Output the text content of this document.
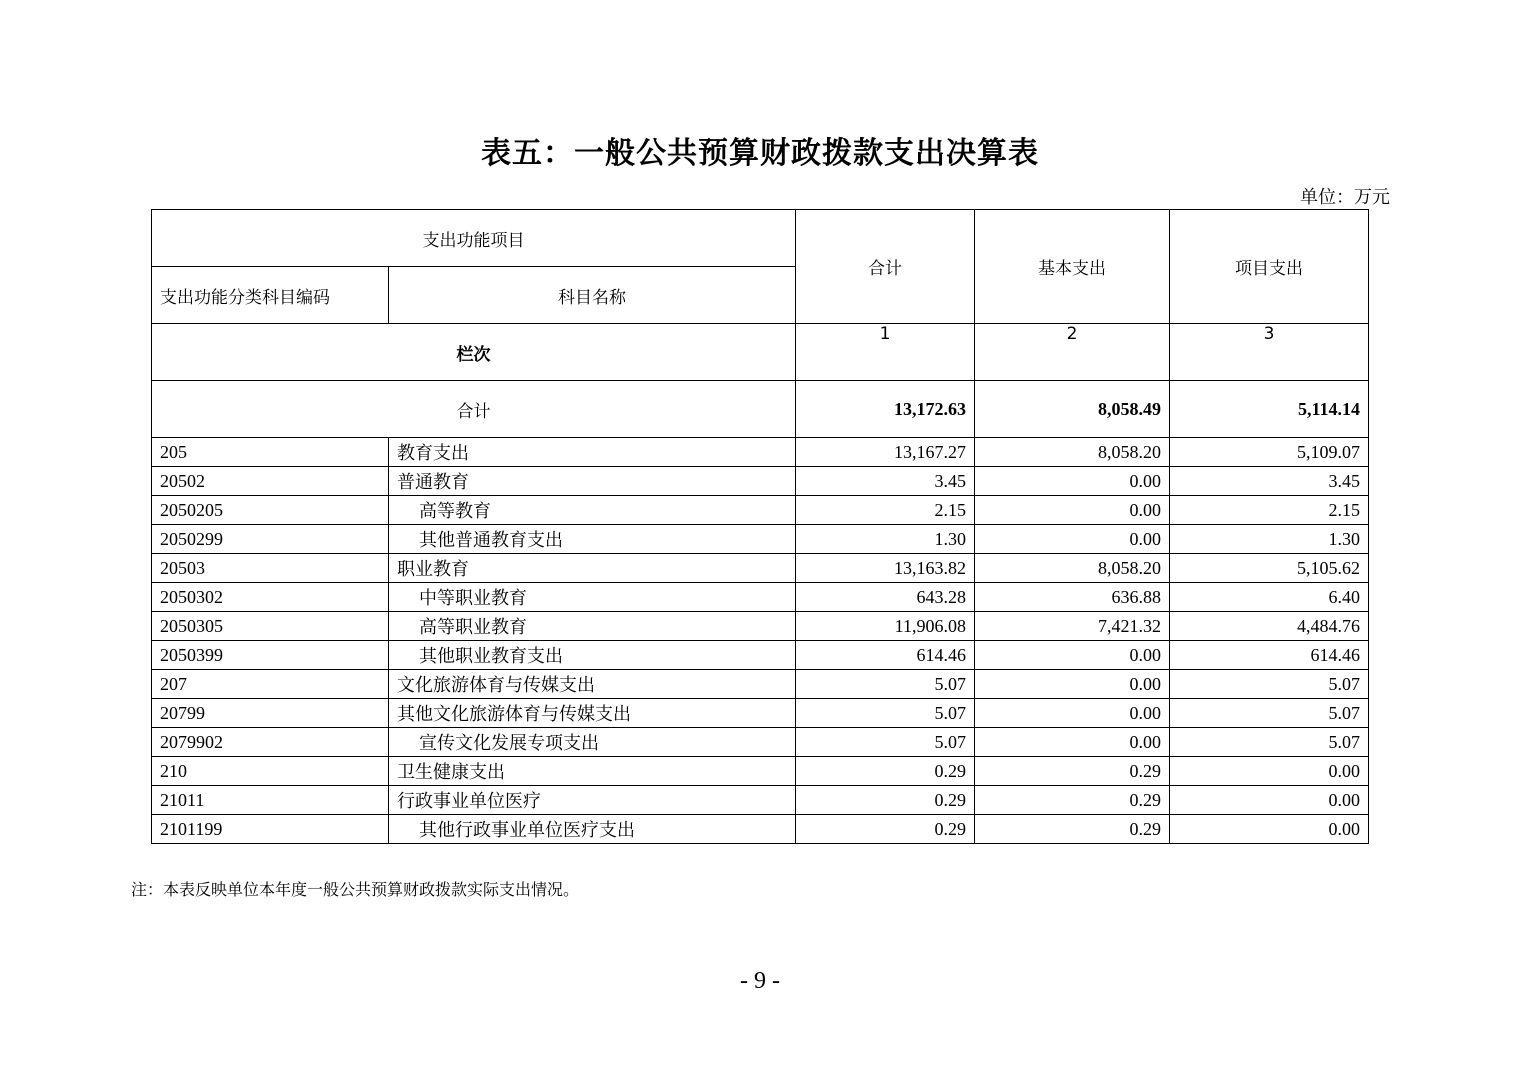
表五：一般公共预算财政拨款支出决算表
单位：万元
支出功能项目		合计	基本支出	项目支出
支出功能分类科目编码	科目名称			
栏次		1	2	3
合计		13,172.63	8,058.49	5,114.14
205	教育支出	13,167.27	8,058.20	5,109.07
20502	普通教育	3.45	0.00	3.45
2050205	高等教育	2.15	0.00	2.15
2050299	其他普通教育支出	1.30	0.00	1.30
20503	职业教育	13,163.82	8,058.20	5,105.62
2050302	中等职业教育	643.28	636.88	6.40
2050305	高等职业教育	11,906.08	7,421.32	4,484.76
2050399	其他职业教育支出	614.46	0.00	614.46
207	文化旅游体育与传媒支出	5.07	0.00	5.07
20799	其他文化旅游体育与传媒支出	5.07	0.00	5.07
2079902	宣传文化发展专项支出	5.07	0.00	5.07
210	卫生健康支出	0.29	0.29	0.00
21011	行政事业单位医疗	0.29	0.29	0.00
2101199	其他行政事业单位医疗支出	0.29	0.29	0.00
注：本表反映单位本年度一般公共预算财政拨款实际支出情况。
- 9 -
